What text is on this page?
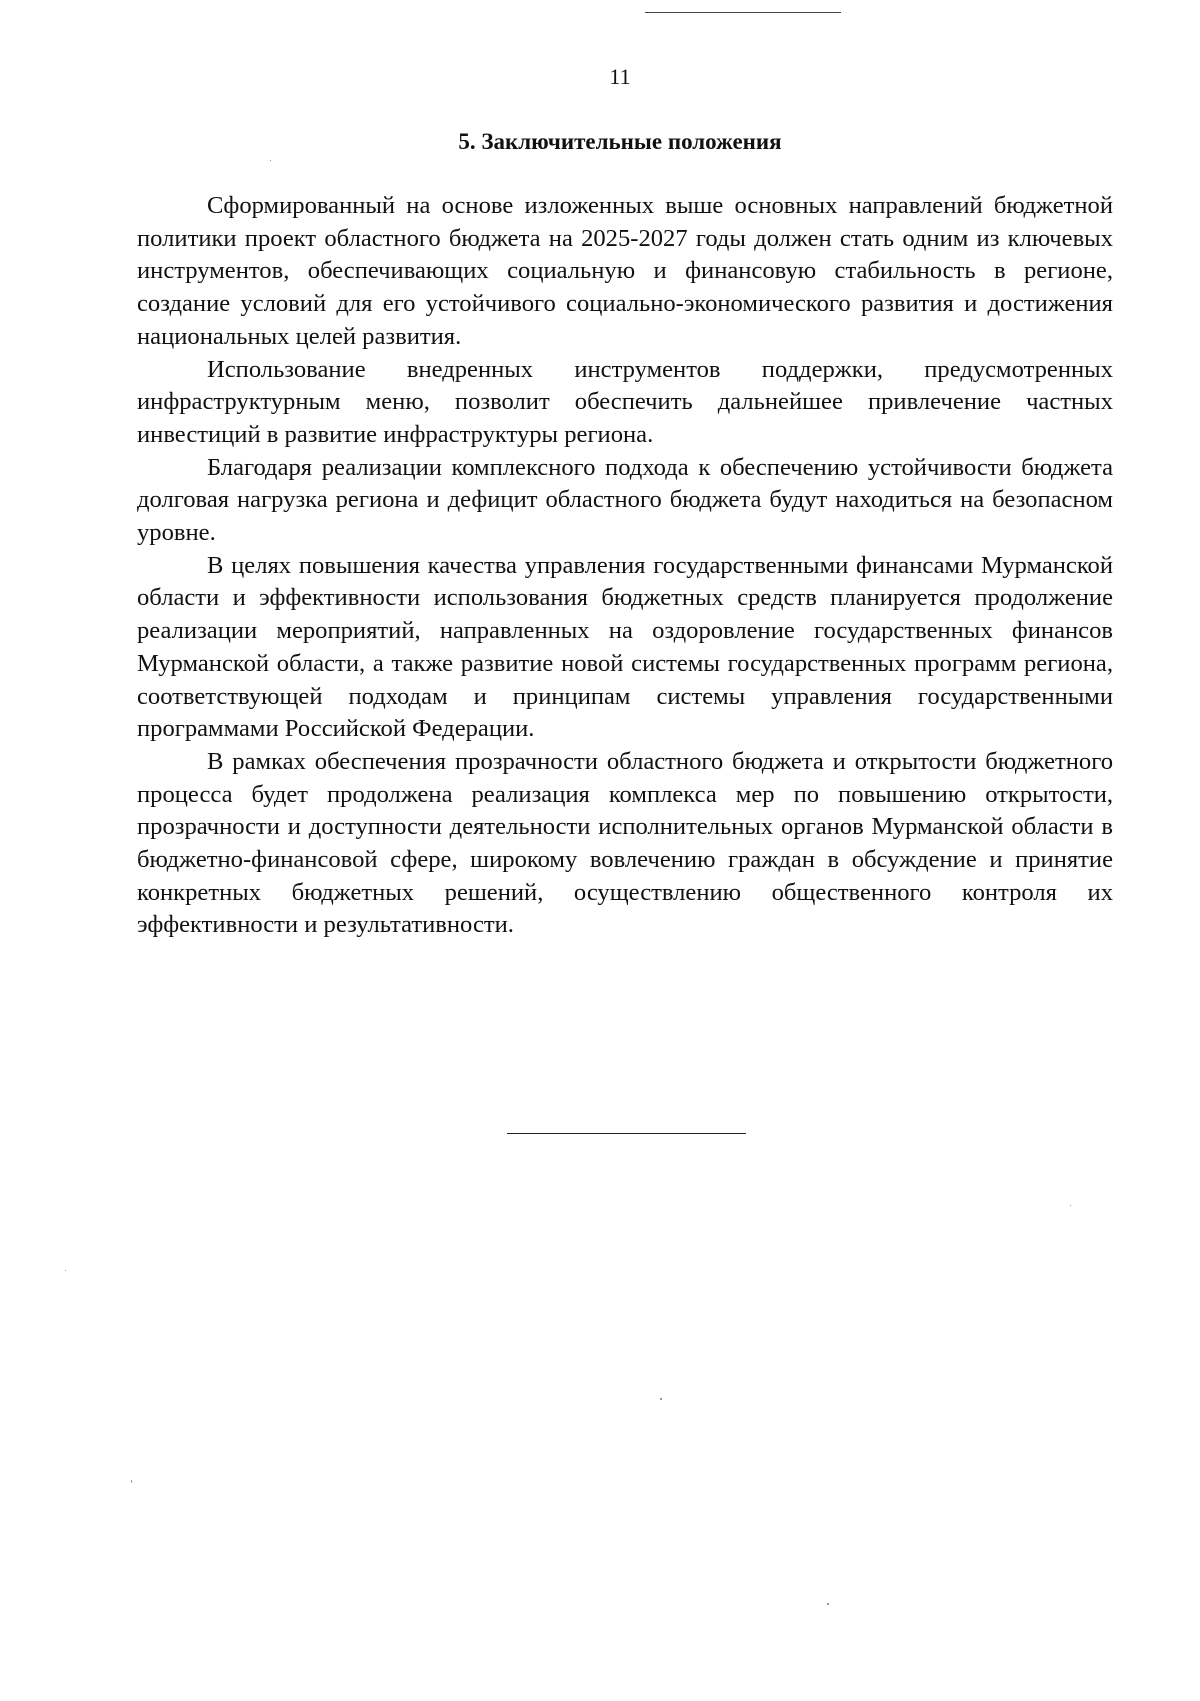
11
5. Заключительные положения

Сформированный на основе изложенных выше основных направлений бюджетной политики проект областного бюджета на 2025-2027 годы должен стать одним из ключевых инструментов, обеспечивающих социальную и финансовую стабильность в регионе, создание условий для его устойчивого социально-экономического развития и достижения национальных целей развития.

Использование внедренных инструментов поддержки, предусмотренных инфраструктурным меню, позволит обеспечить дальнейшее привлечение частных инвестиций в развитие инфраструктуры региона.

Благодаря реализации комплексного подхода к обеспечению устойчивости бюджета долговая нагрузка региона и дефицит областного бюджета будут находиться на безопасном уровне.

В целях повышения качества управления государственными финансами Мурманской области и эффективности использования бюджетных средств планируется продолжение реализации мероприятий, направленных на оздоровление государственных финансов Мурманской области, а также развитие новой системы государственных программ региона, соответствующей подходам и принципам системы управления государственными программами Российской Федерации.

В рамках обеспечения прозрачности областного бюджета и открытости бюджетного процесса будет продолжена реализация комплекса мер по повышению открытости, прозрачности и доступности деятельности исполнительных органов Мурманской области в бюджетно-финансовой сфере, широкому вовлечению граждан в обсуждение и принятие конкретных бюджетных решений, осуществлению общественного контроля их эффективности и результативности.
